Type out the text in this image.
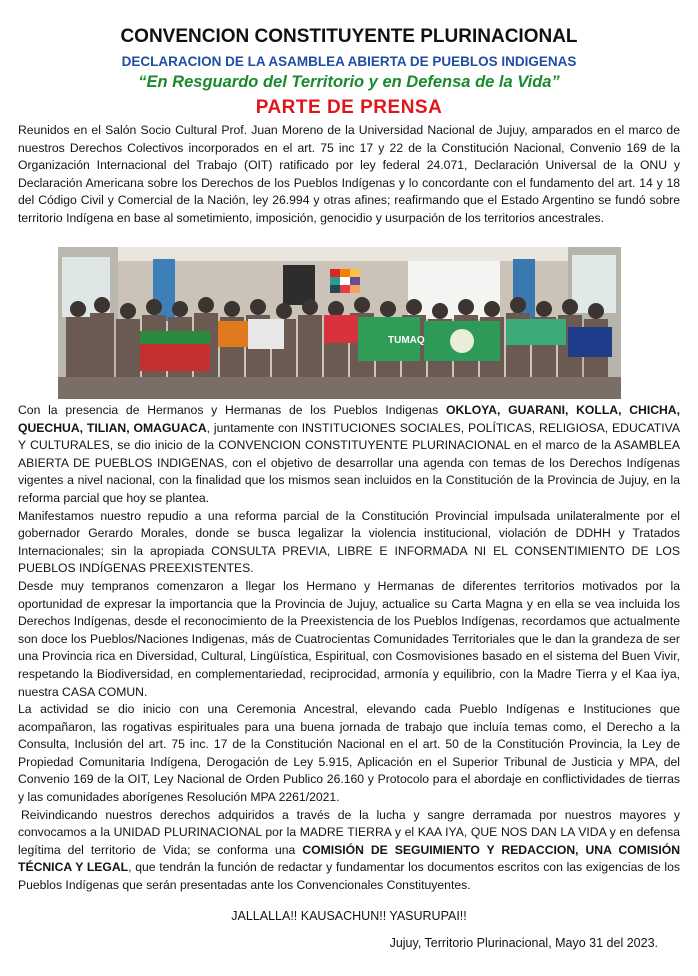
CONVENCION CONSTITUYENTE PLURINACIONAL
DECLARACION DE LA ASAMBLEA ABIERTA DE PUEBLOS INDIGENAS
“En Resguardo del Territorio y en Defensa de la Vida”
PARTE DE PRENSA
Reunidos en el Salón Socio Cultural Prof. Juan Moreno de la Universidad Nacional de Jujuy, amparados en el marco de nuestros Derechos Colectivos incorporados en el art. 75 inc 17 y 22 de la Constitución Nacional, Convenio 169 de la Organización Internacional del Trabajo (OIT) ratificado por ley federal 24.071, Declaración Universal de la ONU y Declaración Americana sobre los Derechos de los Pueblos Indígenas y lo concordante con el fundamento del art. 14 y 18 del Código Civil y Comercial de la Nación, ley 26.994 y otras afines; reafirmando que el Estado Argentino se fundó sobre territorio Indígena en base al sometimiento, imposición, genocidio y usurpación de los territorios ancestrales.
TUMAQ

Con la presencia de Hermanos y Hermanas de los Pueblos Indigenas OKLOYA, GUARANI, KOLLA, CHICHA, QUECHUA, TILIAN, OMAGUACA, juntamente con INSTITUCIONES SOCIALES, POLÍTICAS, RELIGIOSA, EDUCATIVA Y CULTURALES, se dio inicio de la CONVENCION CONSTITUYENTE PLURINACIONAL en el marco de la ASAMBLEA ABIERTA DE PUEBLOS INDIGENAS, con el objetivo de desarrollar una agenda con temas de los Derechos Indígenas vigentes a nivel nacional, con la finalidad que los mismos sean incluidos en la Constitución de la Provincia de Jujuy, en la reforma parcial que hoy se plantea.

Manifestamos nuestro repudio a una reforma parcial de la Constitución Provincial impulsada unilateralmente por el gobernador Gerardo Morales, donde se busca legalizar la violencia institucional, violación de DDHH y Tratados Internacionales; sin la apropiada CONSULTA PREVIA, LIBRE E INFORMADA NI EL CONSENTIMIENTO DE LOS PUEBLOS INDÍGENAS PREEXISTENTES.

Desde muy tempranos comenzaron a llegar los Hermano y Hermanas de diferentes territorios motivados por la oportunidad de expresar la importancia que la Provincia de Jujuy, actualice su Carta Magna y en ella se vea incluida los Derechos Indígenas, desde el reconocimiento de la Preexistencia de los Pueblos Indígenas, recordamos que actualmente son doce los Pueblos/Naciones Indigenas, más de Cuatrocientas Comunidades Territoriales que le dan la grandeza de ser una Provincia rica en Diversidad, Cultural, Lingüística, Espiritual, con Cosmovisiones basado en el sistema del Buen Vivir, respetando la Biodiversidad, en complementariedad, reciprocidad, armonía y equilibrio, con la Madre Tierra y el Kaa iya, nuestra CASA COMUN.

La actividad se dio inicio con una Ceremonia Ancestral, elevando cada Pueblo Indígenas e Instituciones que acompañaron, las rogativas espirituales para una buena jornada de trabajo que incluía temas como, el Derecho a la Consulta, Inclusión del art. 75 inc. 17 de la Constitución Nacional en el art. 50 de la Constitución Provincia, la Ley de Propiedad Comunitaria Indígena, Derogación de Ley 5.915, Aplicación en el Superior Tribunal de Justicia y MPA, del Convenio 169 de la OIT, Ley Nacional de Orden Publico 26.160 y Protocolo para el abordaje en conflictividades de tierras y las comunidades aborígenes Resolución MPA 2261/2021.

Reivindicando nuestros derechos adquiridos a través de la lucha y sangre derramada por nuestros mayores y convocamos a la UNIDAD PLURINACIONAL por la MADRE TIERRA y el KAA IYA, QUE NOS DAN LA VIDA y en defensa legítima del territorio de Vida; se conforma una COMISIÓN DE SEGUIMIENTO Y REDACCION, UNA COMISIÓN TÉCNICA Y LEGAL, que tendrán la función de redactar y fundamentar los documentos escritos con las exigencias de los Pueblos Indígenas que serán presentadas ante los Convencionales Constituyentes.

JALLALLA!! KAUSACHUN!! YASURUPAI!!
Jujuy, Territorio Plurinacional, Mayo 31 del 2023.
